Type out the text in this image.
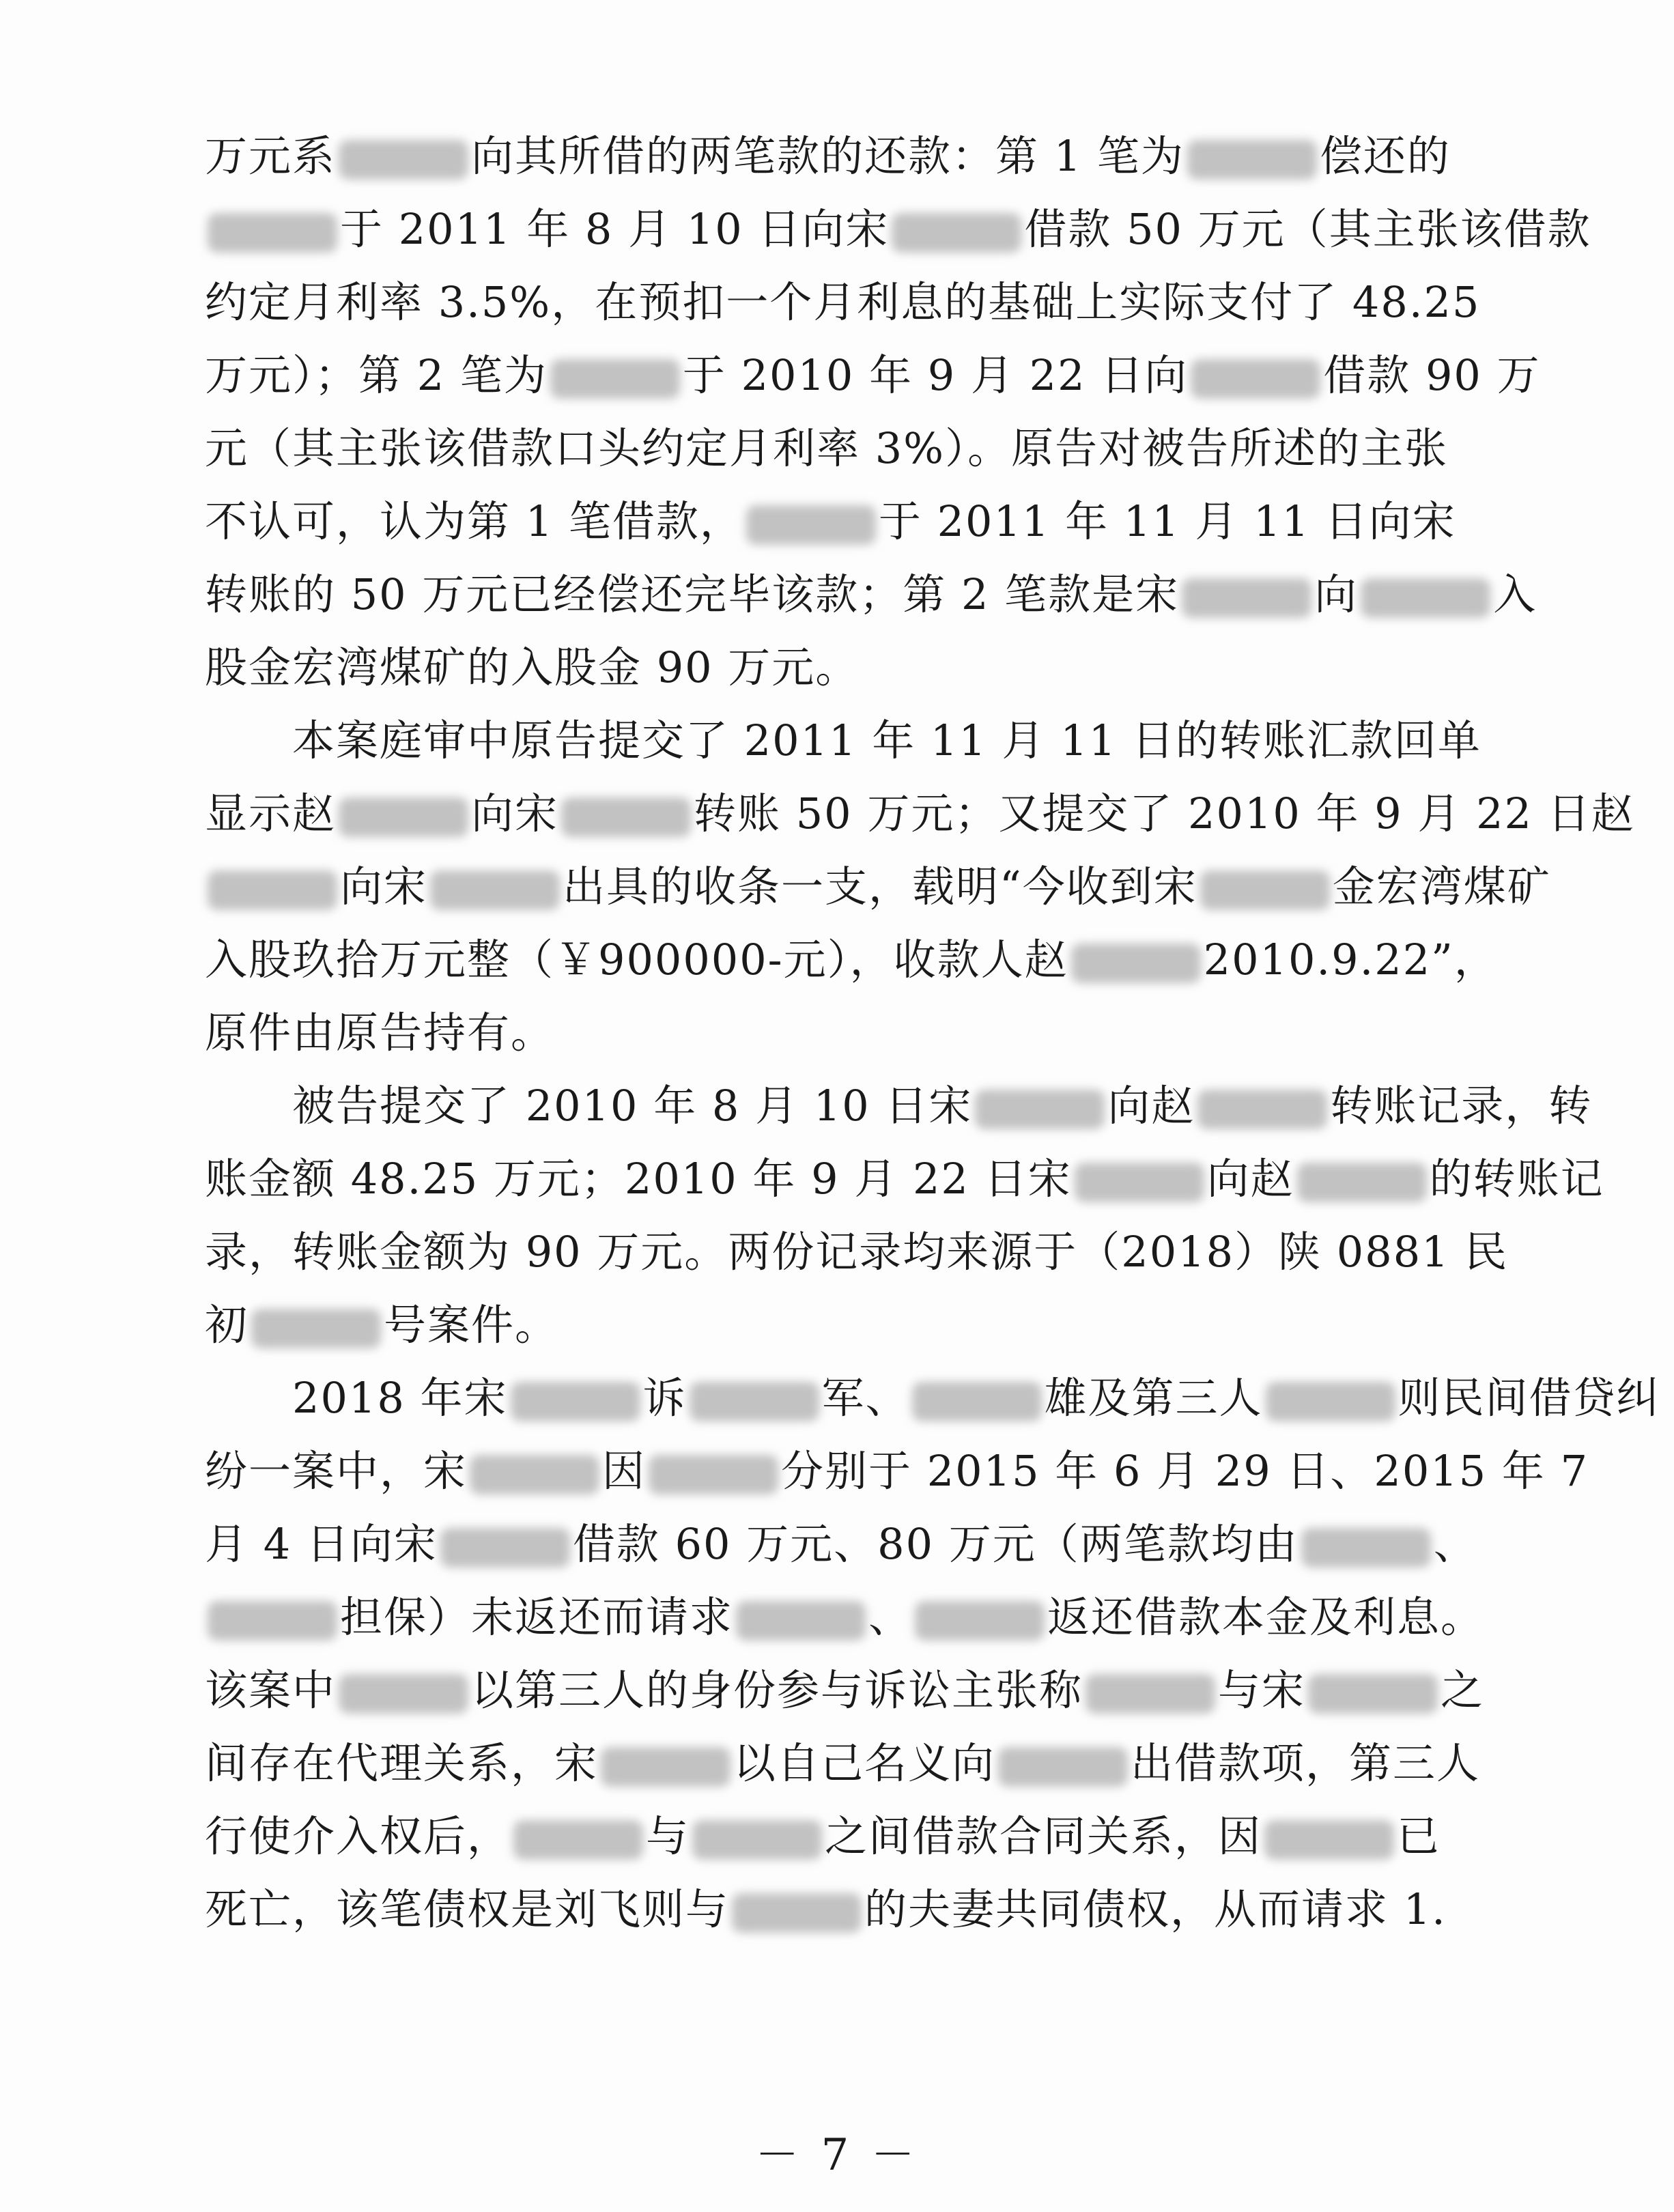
万元系	向其所借的两笔款的还款：第 1 笔为	偿还的
于 2011 年 8 月 10 日向宋	借款 50 万元（其主张该借款
约定月利率 3.5%，在预扣一个月利息的基础上实际支付了 48.25
万元）；第 2 笔为	于 2010 年 9 月 22 日向	借款 90 万
元（其主张该借款口头约定月利率 3%）。原告对被告所述的主张
不认可，认为第 1 笔借款，	于 2011 年 11 月 11 日向宋
转账的 50 万元已经偿还完毕该款；第 2 笔款是宋	向	入
股金宏湾煤矿的入股金 90 万元。
本案庭审中原告提交了 2011 年 11 月 11 日的转账汇款回单
显示赵	向宋	转账 50 万元；又提交了 2010 年 9 月 22 日赵
向宋	出具的收条一支，载明“今收到宋	金宏湾煤矿
入股玖拾万元整（￥900000-元），收款人赵	2010.9.22”，
原件由原告持有。
被告提交了 2010 年 8 月 10 日宋	向赵	转账记录，转
账金额 48.25 万元；2010 年 9 月 22 日宋	向赵	的转账记
录，转账金额为 90 万元。两份记录均来源于（2018）陕 0881 民
初	号案件。
2018 年宋	诉	军、	雄及第三人	则民间借贷纠
纷一案中，宋	因	分别于 2015 年 6 月 29 日、2015 年 7
月 4 日向宋	借款 60 万元、80 万元（两笔款均由	、
担保）未返还而请求	、	返还借款本金及利息。
该案中	以第三人的身份参与诉讼主张称	与宋	之
间存在代理关系，宋	以自己名义向	出借款项，第三人
行使介入权后，	与	之间借款合同关系，因	已
死亡，该笔债权是刘飞则与	的夫妻共同债权，从而请求 1.
－ 7 －
